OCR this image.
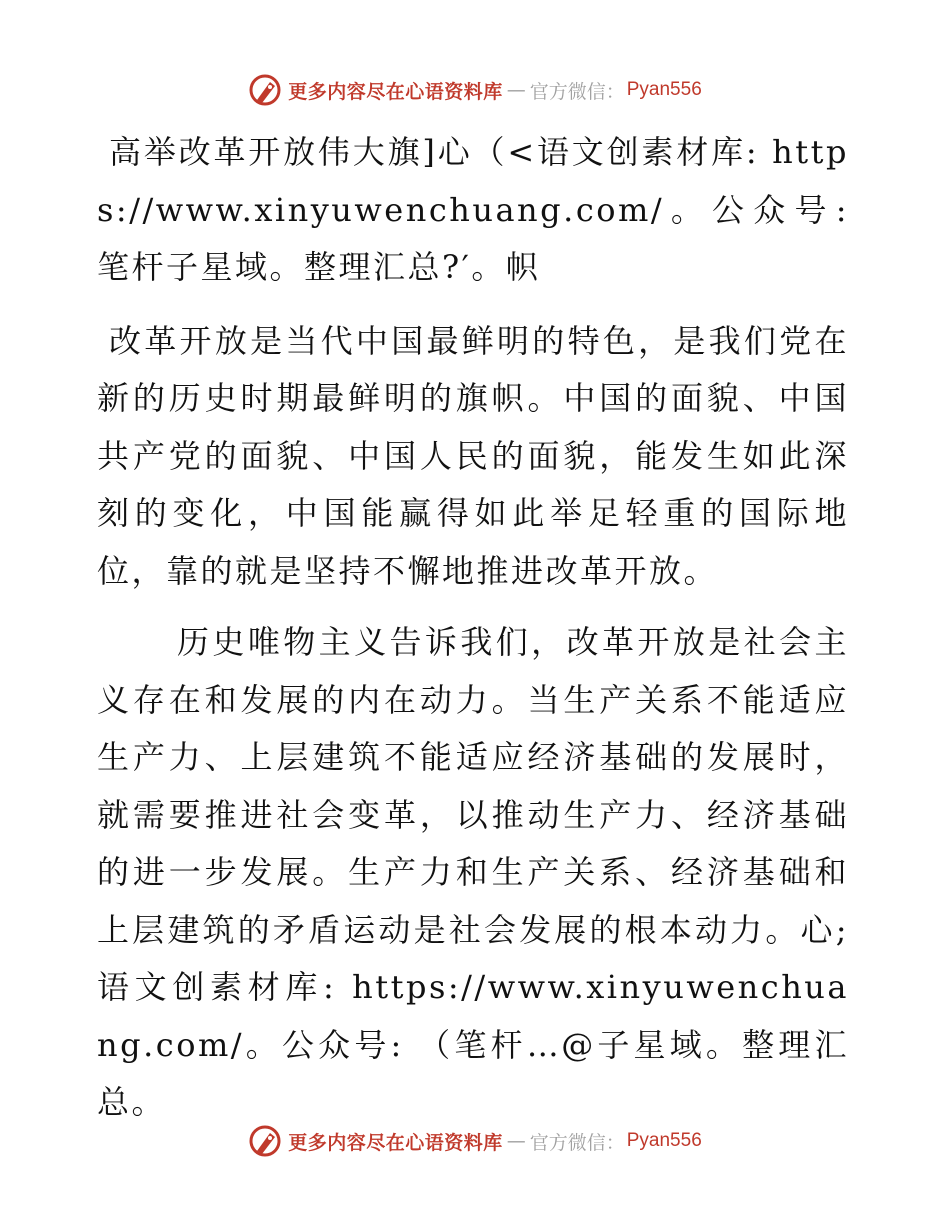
更多内容尽在心语资料库 — 官方微信： Pyan556

高举改革开放伟大旗]心（<语文创素材库: https://www.xinyuwenchuang.com/。公众号: 笔杆子星域。整理汇总?′。帜

改革开放是当代中国最鲜明的特色，是我们党在新的历史时期最鲜明的旗帜。中国的面貌、中国共产党的面貌、中国人民的面貌，能发生如此深刻的变化，中国能赢得如此举足轻重的国际地位，靠的就是坚持不懈地推进改革开放。

历史唯物主义告诉我们，改革开放是社会主义存在和发展的内在动力。当生产关系不能适应生产力、上层建筑不能适应经济基础的发展时，就需要推进社会变革，以推动生产力、经济基础的进一步发展。生产力和生产关系、经济基础和上层建筑的矛盾运动是社会发展的根本动力。心;语文创素材库: https://www.xinyuwenchuang.com/。公众号: （笔杆…@子星域。整理汇总。

更多内容尽在心语资料库 — 官方微信： Pyan556
